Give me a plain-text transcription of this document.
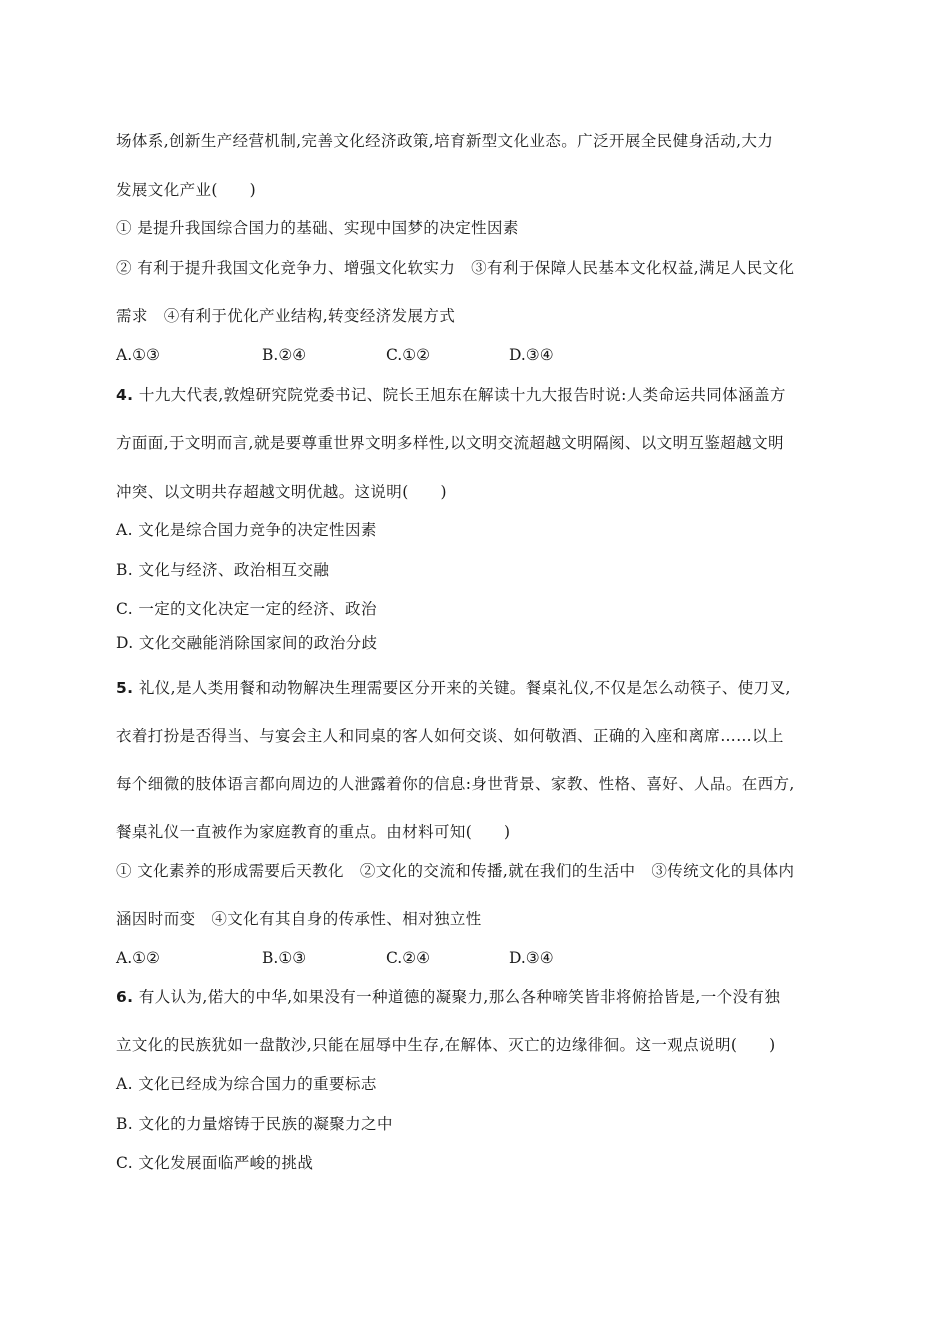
场体系,创新生产经营机制,完善文化经济政策,培育新型文化业态。广泛开展全民健身活动,大力
发展文化产业(　　)
① 是提升我国综合国力的基础、实现中国梦的决定性因素
② 有利于提升我国文化竞争力、增强文化软实力　③有利于保障人民基本文化权益,满足人民文化
需求　④有利于优化产业结构,转变经济发展方式
A.①③	B.②④	C.①②	D.③④
4. 十九大代表,敦煌研究院党委书记、院长王旭东在解读十九大报告时说:人类命运共同体涵盖方
方面面,于文明而言,就是要尊重世界文明多样性,以文明交流超越文明隔阂、以文明互鉴超越文明
冲突、以文明共存超越文明优越。这说明(　　)
A. 文化是综合国力竞争的决定性因素
B. 文化与经济、政治相互交融
C. 一定的文化决定一定的经济、政治
D. 文化交融能消除国家间的政治分歧
5. 礼仪,是人类用餐和动物解决生理需要区分开来的关键。餐桌礼仪,不仅是怎么动筷子、使刀叉,
衣着打扮是否得当、与宴会主人和同桌的客人如何交谈、如何敬酒、正确的入座和离席……以上
每个细微的肢体语言都向周边的人泄露着你的信息:身世背景、家教、性格、喜好、人品。在西方,
餐桌礼仪一直被作为家庭教育的重点。由材料可知(　　)
① 文化素养的形成需要后天教化　②文化的交流和传播,就在我们的生活中　③传统文化的具体内
涵因时而变　④文化有其自身的传承性、相对独立性
A.①②	B.①③	C.②④	D.③④
6. 有人认为,偌大的中华,如果没有一种道德的凝聚力,那么各种啼笑皆非将俯拾皆是,一个没有独
立文化的民族犹如一盘散沙,只能在屈辱中生存,在解体、灭亡的边缘徘徊。这一观点说明(　　)
A. 文化已经成为综合国力的重要标志
B. 文化的力量熔铸于民族的凝聚力之中
C. 文化发展面临严峻的挑战
